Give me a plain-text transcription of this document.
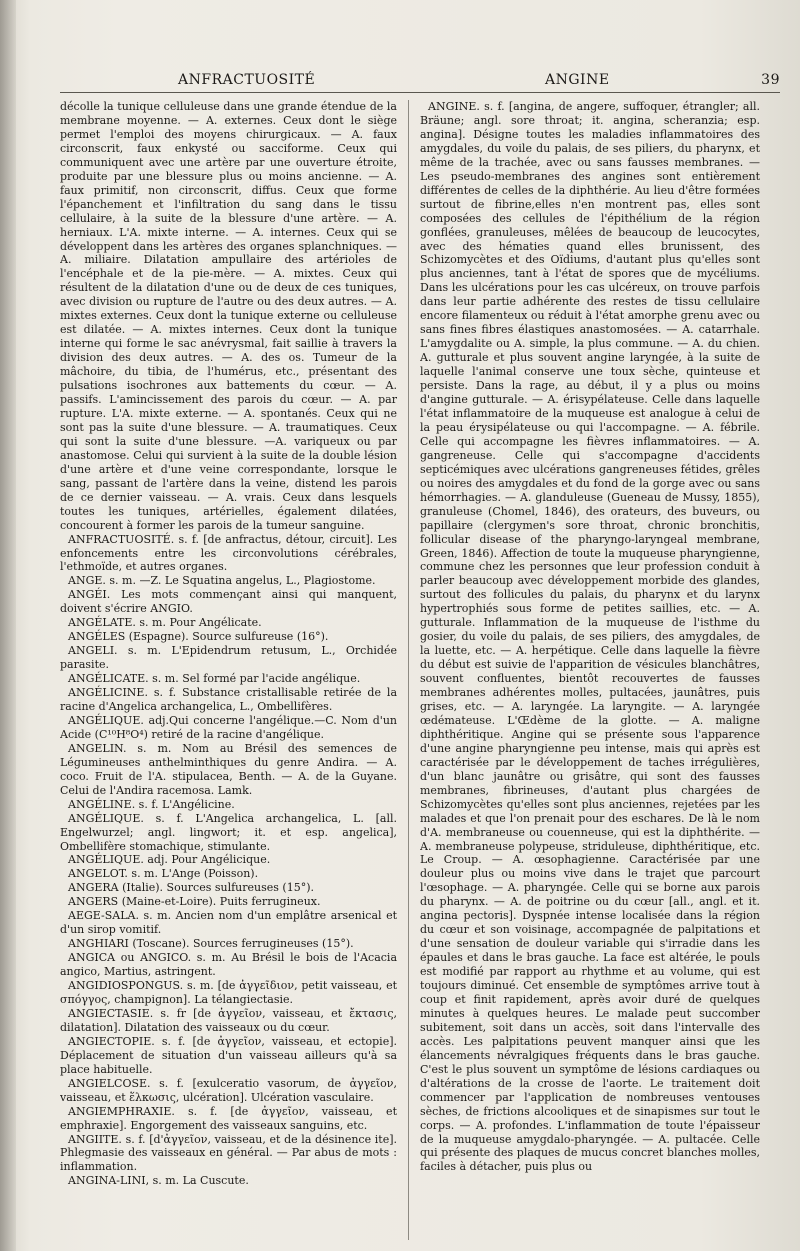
ANFRACTUOSITÉ	ANGINE	39

décolle la tunique celluleuse dans une grande étendue de la membrane moyenne. — A. externes. Ceux dont le siège permet l'emploi des moyens chirurgicaux. — A. faux circonscrit, faux enkysté ou sacciforme. Ceux qui communiquent avec une artère par une ouverture étroite, produite par une blessure plus ou moins ancienne. — A. faux primitif, non circonscrit, diffus. Ceux que forme l'épanchement et l'infiltration du sang dans le tissu cellulaire, à la suite de la blessure d'une artère. — A. herniaux. L'A. mixte interne. — A. internes. Ceux qui se développent dans les artères des organes splanchniques. — A. miliaire. Dilatation ampullaire des artérioles de l'encéphale et de la pie-mère. — A. mixtes. Ceux qui résultent de la dilatation d'une ou de deux de ces tuniques, avec division ou rupture de l'autre ou des deux autres. — A. mixtes externes. Ceux dont la tunique externe ou celluleuse est dilatée. — A. mixtes internes. Ceux dont la tunique interne qui forme le sac anévrysmal, fait saillie à travers la division des deux autres. — A. des os. Tumeur de la mâchoire, du tibia, de l'humérus, etc., présentant des pulsations isochrones aux battements du cœur. — A. passifs. L'amincissement des parois du cœur. — A. par rupture. L'A. mixte externe. — A. spontanés. Ceux qui ne sont pas la suite d'une blessure. — A. traumatiques. Ceux qui sont la suite d'une blessure. —A. variqueux ou par anastomose. Celui qui survient à la suite de la double lésion d'une artère et d'une veine correspondante, lorsque le sang, passant de l'artère dans la veine, distend les parois de ce dernier vaisseau. — A. vrais. Ceux dans lesquels toutes les tuniques, artérielles, également dilatées, concourent à former les parois de la tumeur sanguine.

ANFRACTUOSITÉ. s. f. [de anfractus, détour, circuit]. Les enfoncements entre les circonvolutions cérébrales, l'ethmoïde, et autres organes.

ANGE. s. m. —Z. Le Squatina angelus, L., Plagiostome.

ANGÉI. Les mots commençant ainsi qui manquent, doivent s'écrire ANGIO.

ANGÉLATE. s. m. Pour Angélicate.

ANGÉLES (Espagne). Source sulfureuse (16°).

ANGELI. s. m. L'Epidendrum retusum, L., Orchidée parasite.

ANGÉLICATE. s. m. Sel formé par l'acide angélique.

ANGÉLICINE. s. f. Substance cristallisable retirée de la racine d'Angelica archangelica, L., Ombellifères.

ANGÉLIQUE. adj.Qui concerne l'angélique.—C. Nom d'un Acide (C¹⁰H⁸O⁴) retiré de la racine d'angélique.

ANGELIN. s. m. Nom au Brésil des semences de Légumineuses anthelminthiques du genre Andira. — A. coco. Fruit de l'A. stipulacea, Benth. — A. de la Guyane. Celui de l'Andira racemosa. Lamk.

ANGÉLINE. s. f. L'Angélicine.

ANGÉLIQUE. s. f. L'Angelica archangelica, L. [all. Engelwurzel; angl. lingwort; it. et esp. angelica], Ombellifère stomachique, stimulante.

ANGÉLIQUE. adj. Pour Angélicique.

ANGELOT. s. m. L'Ange (Poisson).

ANGERA (Italie). Sources sulfureuses (15°).

ANGERS (Maine-et-Loire). Puits ferrugineux.

AEGE-SALA. s. m. Ancien nom d'un emplâtre arsenical et d'un sirop vomitif.

ANGHIARI (Toscane). Sources ferrugineuses (15°).

ANGICA ou ANGICO. s. m. Au Brésil le bois de l'Acacia angico, Martius, astringent.

ANGIDIOSPONGUS. s. m. [de ἀγγεῖδιον, petit vaisseau, et σπόγγος, champignon]. La télangiectasie.

ANGIECTASIE. s. fr [de ἀγγεῖον, vaisseau, et ἔκτασις, dilatation]. Dilatation des vaisseaux ou du cœur.

ANGIECTOPIE. s. f. [de ἀγγεῖον, vaisseau, et ectopie]. Déplacement de situation d'un vaisseau ailleurs qu'à sa place habituelle.

ANGIELCOSE. s. f. [exulceratio vasorum, de ἀγγεῖον, vaisseau, et ἕλκωσις, ulcération]. Ulcération vasculaire.

ANGIEMPHRAXIE. s. f. [de ἀγγεῖον, vaisseau, et emphraxie]. Engorgement des vaisseaux sanguins, etc.

ANGIITE. s. f. [d'ἀγγεῖον, vaisseau, et de la désinence ite]. Phlegmasie des vaisseaux en général. — Par abus de mots : inflammation.

ANGINA-LINI, s. m. La Cuscute.

ANGINE. s. f. [angina, de angere, suffoquer, étrangler; all. Bräune; angl. sore throat; it. angina, scheranzia; esp. angina]. Désigne toutes les maladies inflammatoires des amygdales, du voile du palais, de ses piliers, du pharynx, et même de la trachée, avec ou sans fausses membranes. — Les pseudo-membranes des angines sont entièrement différentes de celles de la diphthérie. Au lieu d'être formées surtout de fibrine,elles n'en montrent pas, elles sont composées des cellules de l'épithélium de la région gonflées, granuleuses, mêlées de beaucoup de leucocytes, avec des hématies quand elles brunissent, des Schizomycètes et des Oïdiums, d'autant plus qu'elles sont plus anciennes, tant à l'état de spores que de mycéliums. Dans les ulcérations pour les cas ulcéreux, on trouve parfois dans leur partie adhérente des restes de tissu cellulaire encore filamenteux ou réduit à l'état amorphe grenu avec ou sans fines fibres élastiques anastomosées. — A. catarrhale. L'amygdalite ou A. simple, la plus commune. — A. du chien. A. gutturale et plus souvent angine laryngée, à la suite de laquelle l'animal conserve une toux sèche, quinteuse et persiste. Dans la rage, au début, il y a plus ou moins d'angine gutturale. — A. érisypélateuse. Celle dans laquelle l'état inflammatoire de la muqueuse est analogue à celui de la peau érysipélateuse ou qui l'accompagne. — A. fébrile. Celle qui accompagne les fièvres inflammatoires. — A. gangreneuse. Celle qui s'accompagne d'accidents septicémiques avec ulcérations gangreneuses fétides, grêles ou noires des amygdales et du fond de la gorge avec ou sans hémorrhagies. — A. glanduleuse (Gueneau de Mussy, 1855), granuleuse (Chomel, 1846), des orateurs, des buveurs, ou papillaire (clergymen's sore throat, chronic bronchitis, follicular disease of the pharyngo-laryngeal membrane, Green, 1846). Affection de toute la muqueuse pharyngienne, commune chez les personnes que leur profession conduit à parler beaucoup avec développement morbide des glandes, surtout des follicules du palais, du pharynx et du larynx hypertrophiés sous forme de petites saillies, etc. — A. gutturale. Inflammation de la muqueuse de l'isthme du gosier, du voile du palais, de ses piliers, des amygdales, de la luette, etc. — A. herpétique. Celle dans laquelle la fièvre du début est suivie de l'apparition de vésicules blanchâtres, souvent confluentes, bientôt recouvertes de fausses membranes adhérentes molles, pultacées, jaunâtres, puis grises, etc. — A. laryngée. La laryngite. — A. laryngée œdémateuse. L'Œdème de la glotte. — A. maligne diphthéritique. Angine qui se présente sous l'apparence d'une angine pharyngienne peu intense, mais qui après est caractérisée par le développement de taches irrégulières, d'un blanc jaunâtre ou grisâtre, qui sont des fausses membranes, fibrineuses, d'autant plus chargées de Schizomycètes qu'elles sont plus anciennes, rejetées par les malades et que l'on prenait pour des eschares. De là le nom d'A. membraneuse ou couenneuse, qui est la diphthérite. — A. membraneuse polypeuse, striduleuse, diphthéritique, etc. Le Croup. — A. œsophagienne. Caractérisée par une douleur plus ou moins vive dans le trajet que parcourt l'œsophage. — A. pharyngée. Celle qui se borne aux parois du pharynx. — A. de poitrine ou du cœur [all., angl. et it. angina pectoris]. Dyspnée intense localisée dans la région du cœur et son voisinage, accompagnée de palpitations et d'une sensation de douleur variable qui s'irradie dans les épaules et dans le bras gauche. La face est altérée, le pouls est modifié par rapport au rhythme et au volume, qui est toujours diminué. Cet ensemble de symptômes arrive tout à coup et finit rapidement, après avoir duré de quelques minutes à quelques heures. Le malade peut succomber subitement, soit dans un accès, soit dans l'intervalle des accès. Les palpitations peuvent manquer ainsi que les élancements névralgiques fréquents dans le bras gauche. C'est le plus souvent un symptôme de lésions cardiaques ou d'altérations de la crosse de l'aorte. Le traitement doit commencer par l'application de nombreuses ventouses sèches, de frictions alcooliques et de sinapismes sur tout le corps. — A. profondes. L'inflammation de toute l'épaisseur de la muqueuse amygdalo-pharyngée. — A. pultacée. Celle qui présente des plaques de mucus concret blanches molles, faciles à détacher, puis plus ou
